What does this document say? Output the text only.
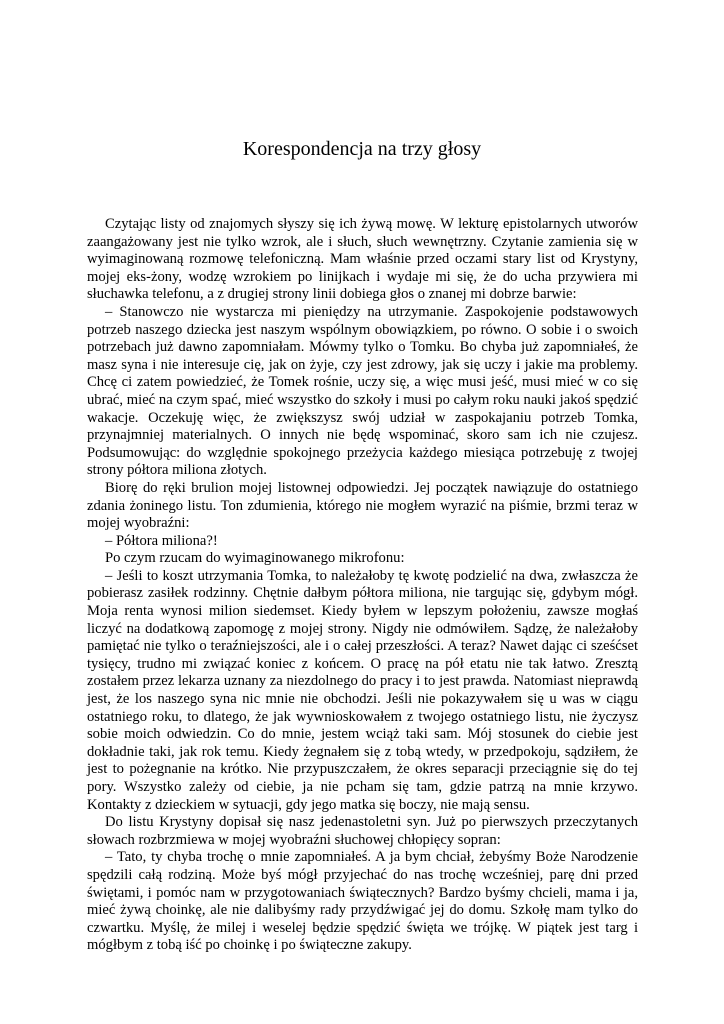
Korespondencja na trzy głosy

Czytając listy od znajomych słyszy się ich żywą mowę. W lekturę epistolarnych utworów zaangażowany jest nie tylko wzrok, ale i słuch, słuch wewnętrzny. Czytanie zamienia się w wyimaginowaną rozmowę telefoniczną. Mam właśnie przed oczami stary list od Krystyny, mojej eks-żony, wodzę wzrokiem po linijkach i wydaje mi się, że do ucha przywiera mi słuchawka telefonu, a z drugiej strony linii dobiega głos o znanej mi dobrze barwie:

– Stanowczo nie wystarcza mi pieniędzy na utrzymanie. Zaspokojenie podstawowych potrzeb naszego dziecka jest naszym wspólnym obowiązkiem, po równo. O sobie i o swoich potrzebach już dawno zapomniałam. Mówmy tylko o Tomku. Bo chyba już zapomniałeś, że masz syna i nie interesuje cię, jak on żyje, czy jest zdrowy, jak się uczy i jakie ma problemy. Chcę ci zatem powiedzieć, że Tomek rośnie, uczy się, a więc musi jeść, musi mieć w co się ubrać, mieć na czym spać, mieć wszystko do szkoły i musi po całym roku nauki jakoś spędzić wakacje. Oczekuję więc, że zwiększysz swój udział w zaspokajaniu potrzeb Tomka, przynajmniej materialnych. O innych nie będę wspominać, skoro sam ich nie czujesz. Podsumowując: do względnie spokojnego przeżycia każdego miesiąca potrzebuję z twojej strony półtora miliona złotych.

Biorę do ręki brulion mojej listownej odpowiedzi. Jej początek nawiązuje do ostatniego zdania żoninego listu. Ton zdumienia, którego nie mogłem wyrazić na piśmie, brzmi teraz w mojej wyobraźni:

– Półtora miliona?!

Po czym rzucam do wyimaginowanego mikrofonu:

– Jeśli to koszt utrzymania Tomka, to należałoby tę kwotę podzielić na dwa, zwłaszcza że pobierasz zasiłek rodzinny. Chętnie dałbym półtora miliona, nie targując się, gdybym mógł. Moja renta wynosi milion siedemset. Kiedy byłem w lepszym położeniu, zawsze mogłaś liczyć na dodatkową zapomogę z mojej strony. Nigdy nie odmówiłem. Sądzę, że należałoby pamiętać nie tylko o teraźniejszości, ale i o całej przeszłości. A teraz? Nawet dając ci sześćset tysięcy, trudno mi związać koniec z końcem. O pracę na pół etatu nie tak łatwo. Zresztą zostałem przez lekarza uznany za niezdolnego do pracy i to jest prawda. Natomiast nieprawdą jest, że los naszego syna nic mnie nie obchodzi. Jeśli nie pokazywałem się u was w ciągu ostatniego roku, to dlatego, że jak wywnioskowałem z twojego ostatniego listu, nie życzysz sobie moich odwiedzin. Co do mnie, jestem wciąż taki sam. Mój stosunek do ciebie jest dokładnie taki, jak rok temu. Kiedy żegnałem się z tobą wtedy, w przedpokoju, sądziłem, że jest to pożegnanie na krótko. Nie przypuszczałem, że okres separacji przeciągnie się do tej pory. Wszystko zależy od ciebie, ja nie pcham się tam, gdzie patrzą na mnie krzywo. Kontakty z dzieckiem w sytuacji, gdy jego matka się boczy, nie mają sensu.

Do listu Krystyny dopisał się nasz jedenastoletni syn. Już po pierwszych przeczytanych słowach rozbrzmiewa w mojej wyobraźni słuchowej chłopięcy sopran:

– Tato, ty chyba trochę o mnie zapomniałeś. A ja bym chciał, żebyśmy Boże Narodzenie spędzili całą rodziną. Może byś mógł przyjechać do nas trochę wcześniej, parę dni przed świętami, i pomóc nam w przygotowaniach świątecznych? Bardzo byśmy chcieli, mama i ja, mieć żywą choinkę, ale nie dalibyśmy rady przydźwigać jej do domu. Szkołę mam tylko do czwartku. Myślę, że milej i weselej będzie spędzić święta we trójkę. W piątek jest targ i mógłbym z tobą iść po choinkę i po świąteczne zakupy.
